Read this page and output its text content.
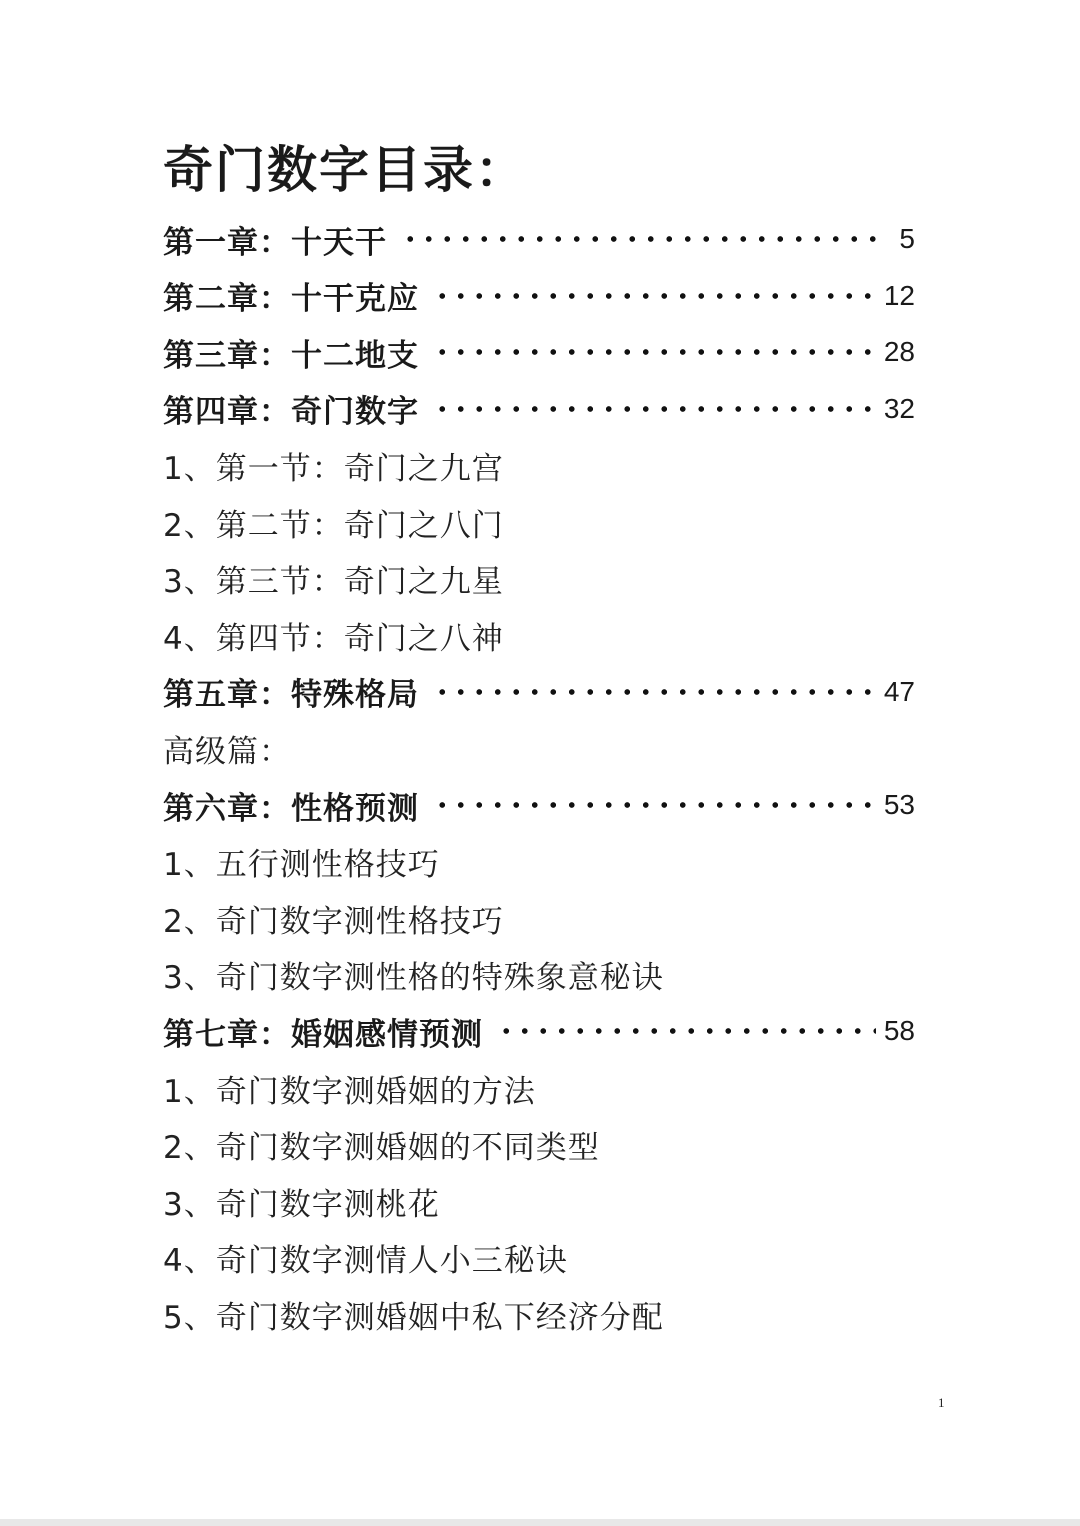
奇门数字目录：
第一章：十天干	5
第二章：十干克应	12
第三章：十二地支	28
第四章：奇门数字	32
1、第一节：奇门之九宫
2、第二节：奇门之八门
3、第三节：奇门之九星
4、第四节：奇门之八神
第五章：特殊格局	47
高级篇：
第六章：性格预测	53
1、五行测性格技巧
2、奇门数字测性格技巧
3、奇门数字测性格的特殊象意秘诀
第七章：婚姻感情预测	58
1、奇门数字测婚姻的方法
2、奇门数字测婚姻的不同类型
3、奇门数字测桃花
4、奇门数字测情人小三秘诀
5、奇门数字测婚姻中私下经济分配
1
